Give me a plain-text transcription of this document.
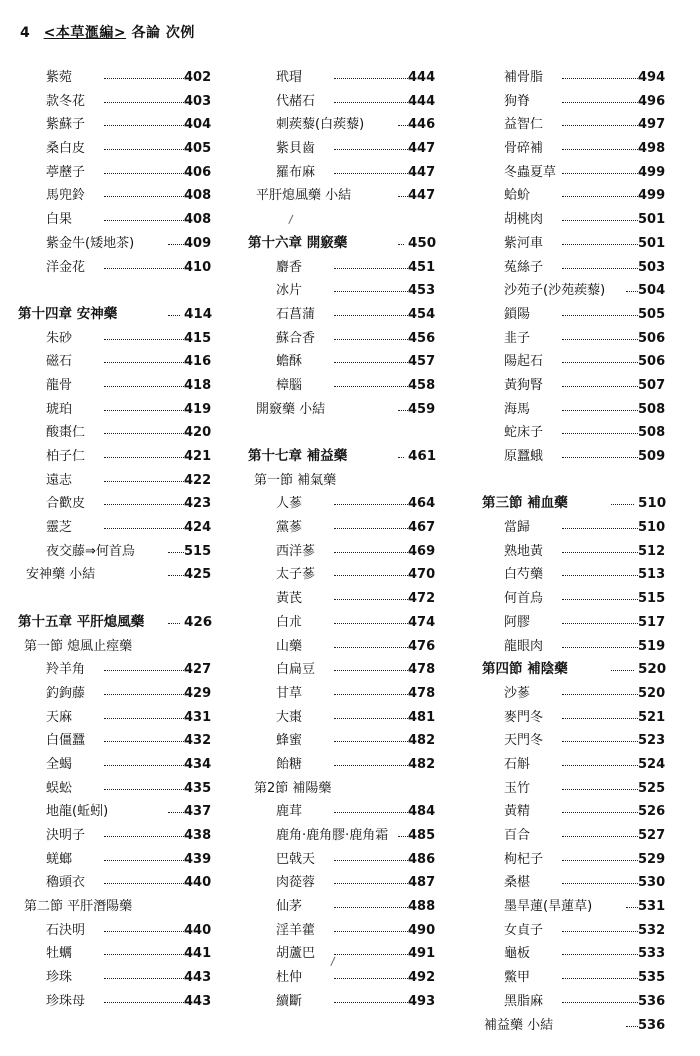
4 <本草滙編> 各論 次例
紫菀	402
款冬花	403
紫蘇子	404
桑白皮	405
葶藶子	406
馬兜鈴	408
白果	408
紫金牛(矮地茶)	409
洋金花	410
第十四章 安神藥	414
朱砂	415
磁石	416
龍骨	418
琥珀	419
酸棗仁	420
柏子仁	421
遠志	422
合歡皮	423
靈芝	424
夜交藤⇒何首烏	515
安神藥 小結	425
第十五章 平肝熄風藥	426
第一節 熄風止痙藥
羚羊角	427
釣鉤藤	429
天麻	431
白僵蠶	432
全蝎	434
蜈蚣	435
地龍(蚯蚓)	437
決明子	438
蜣螂	439
穭頭衣	440
第二節 平肝潛陽藥
石決明	440
牡蠣	441
珍珠	443
珍珠母	443
玳瑁	444
代赭石	444
刺蒺藜(白蒺藜)	446
紫貝齒	447
羅布麻	447
平肝熄風藥 小結	447
第十六章 開竅藥	450
麝香	451
冰片	453
石菖蒲	454
蘇合香	456
蟾酥	457
樟腦	458
開竅藥 小結	459
第十七章 補益藥	461
第一節 補氣藥
人蔘	464
黨蔘	467
西洋蔘	469
太子蔘	470
黃芪	472
白朮	474
山藥	476
白扁豆	478
甘草	478
大棗	481
蜂蜜	482
飴糖	482
第2節 補陽藥
鹿茸	484
鹿角·鹿角膠·鹿角霜 485
巴戟天	486
肉蓯蓉	487
仙茅	488
淫羊藿	490
胡蘆巴	491
杜仲	492
續斷	493
補骨脂	494
狗脊	496
益智仁	497
骨碎補	498
冬蟲夏草	499
蛤蚧	499
胡桃肉	501
紫河車	501
菟絲子	503
沙苑子(沙苑蒺藜)	504
鎖陽	505
韭子	506
陽起石	506
黃狗腎	507
海馬	508
蛇床子	508
原蠶蛾	509
第三節 補血藥	510
當歸	510
熟地黃	512
白芍藥	513
何首烏	515
阿膠	517
龍眼肉	519
第四節 補陰藥	520
沙蔘	520
麥門冬	521
天門冬	523
石斛	524
玉竹	525
黃精	526
百合	527
枸杞子	529
桑椹	530
墨旱蓮(旱蓮草)	531
女貞子	532
龜板	533
鱉甲	535
黑脂麻	536
補益藥 小結	536
